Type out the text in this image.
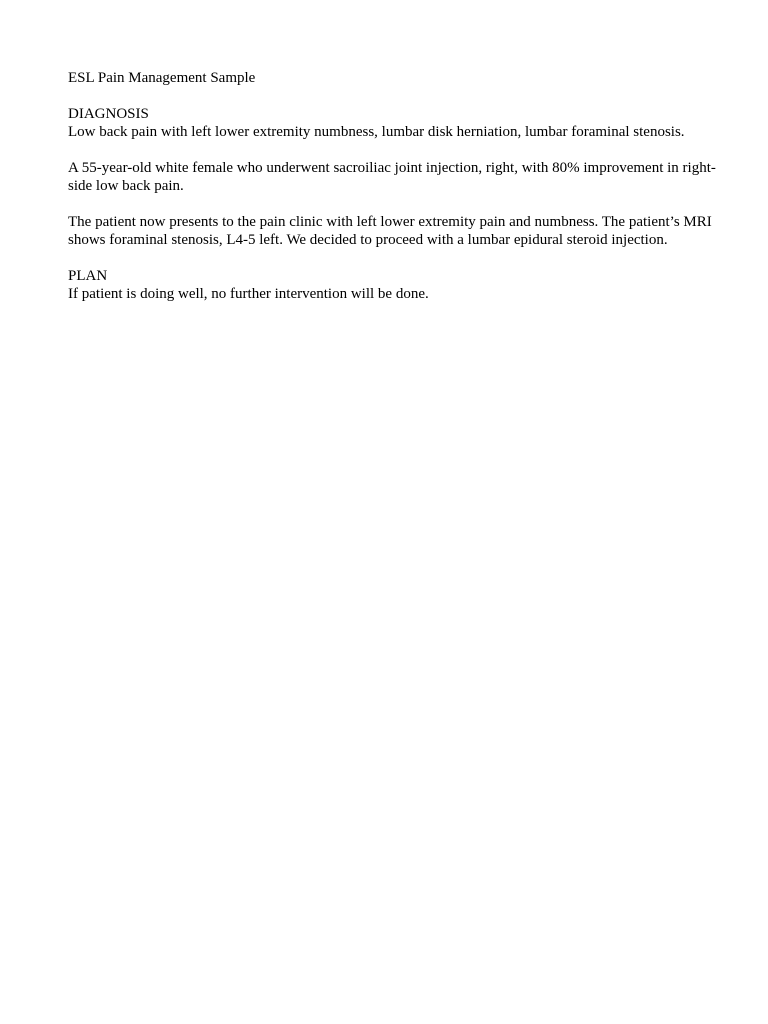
ESL Pain Management Sample
DIAGNOSIS
Low back pain with left lower extremity numbness, lumbar disk herniation, lumbar foraminal stenosis.
A 55-year-old white female who underwent sacroiliac joint injection, right, with 80% improvement in right-side low back pain.
The patient now presents to the pain clinic with left lower extremity pain and numbness. The patient’s MRI shows foraminal stenosis, L4-5 left. We decided to proceed with a lumbar epidural steroid injection.
PLAN
If patient is doing well, no further intervention will be done.
